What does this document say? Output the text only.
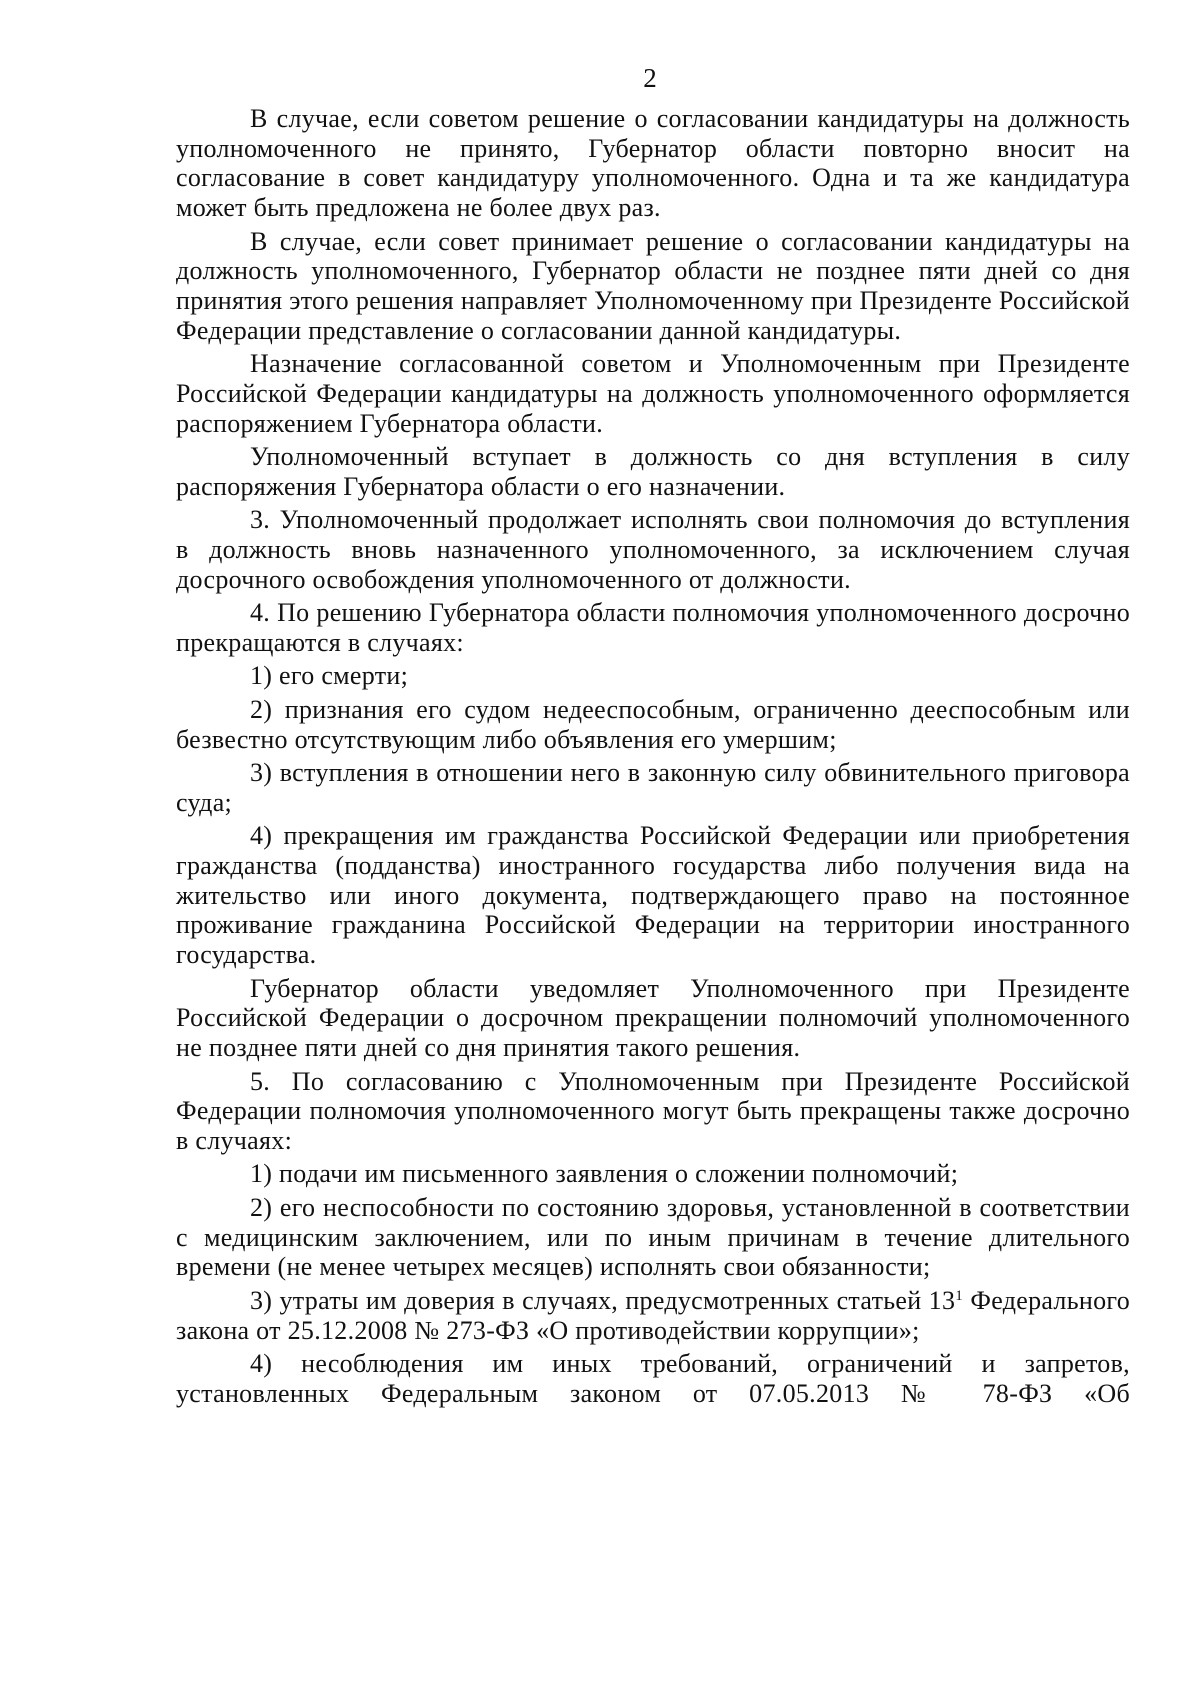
2

В случае, если советом решение о согласовании кандидатуры на должность уполномоченного не принято, Губернатор области повторно вносит на согласование в совет кандидатуру уполномоченного. Одна и та же кандидатура может быть предложена не более двух раз.

В случае, если совет принимает решение о согласовании кандидатуры на должность уполномоченного, Губернатор области не позднее пяти дней со дня принятия этого решения направляет Уполномоченному при Президенте Российской Федерации представление о согласовании данной кандидатуры.

Назначение согласованной советом и Уполномоченным при Президенте Российской Федерации кандидатуры на должность уполномоченного оформляется распоряжением Губернатора области.

Уполномоченный вступает в должность со дня вступления в силу распоряжения Губернатора области о его назначении.

3. Уполномоченный продолжает исполнять свои полномочия до вступления в должность вновь назначенного уполномоченного, за исключением случая досрочного освобождения уполномоченного от должности.

4. По решению Губернатора области полномочия уполномоченного досрочно прекращаются в случаях:

1) его смерти;

2) признания его судом недееспособным, ограниченно дееспособным или безвестно отсутствующим либо объявления его умершим;

3) вступления в отношении него в законную силу обвинительного приговора суда;

4) прекращения им гражданства Российской Федерации или приобретения гражданства (подданства) иностранного государства либо получения вида на жительство или иного документа, подтверждающего право на постоянное проживание гражданина Российской Федерации на территории иностранного государства.

Губернатор области уведомляет Уполномоченного при Президенте Российской Федерации о досрочном прекращении полномочий уполномоченного не позднее пяти дней со дня принятия такого решения.

5. По согласованию с Уполномоченным при Президенте Российской Федерации полномочия уполномоченного могут быть прекращены также досрочно в случаях:

1) подачи им письменного заявления о сложении полномочий;

2) его неспособности по состоянию здоровья, установленной в соответствии с медицинским заключением, или по иным причинам в течение длительного времени (не менее четырех месяцев) исполнять свои обязанности;

3) утраты им доверия в случаях, предусмотренных статьей $13^1$ Федерального закона от 25.12.2008 № 273-ФЗ «О противодействии коррупции»;

4) несоблюдения им иных требований, ограничений и запретов, установленных Федеральным законом от 07.05.2013 № 78-ФЗ «Об
